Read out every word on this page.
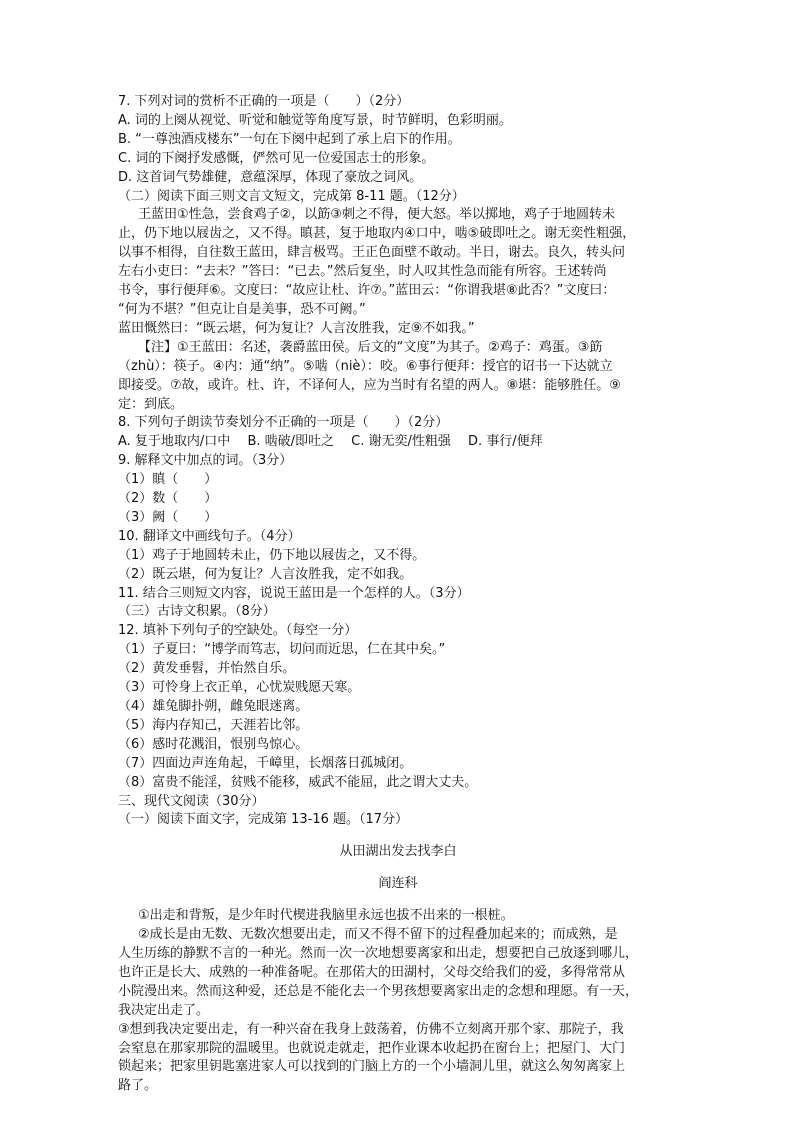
7. 下列对词的赏析不正确的一项是（　　）（2分）

A. 词的上阕从视觉、听觉和触觉等角度写景，时节鲜明，色彩明丽。

B. “一尊浊酒戍楼东”一句在下阕中起到了承上启下的作用。

C. 词的下阕抒发感慨，俨然可见一位爱国志士的形象。

D. 这首词气势雄健，意蕴深厚，体现了豪放之词风。

（二）阅读下面三则文言文短文，完成第 8-11 题。（12分）

王蓝田①性急，尝食鸡子②，以筯③刺之不得，便大怒。举以掷地，鸡子于地圆转未

止，仍下地以屐齿之，又不得。瞋甚，复于地取内④口中，啮⑤破即吐之。谢无奕性粗强，

以事不相得，自往数王蓝田，肆言极骂。王正色面壁不敢动。半日，谢去。良久，转头问

左右小吏曰：“去未？”答曰：“已去。”然后复坐，时人叹其性急而能有所容。王述转尚

书令，事行便拜⑥。文度曰：“故应让杜、许⑦。”蓝田云：“你谓我堪⑧此否？”文度曰：

“何为不堪？”但克让自是美事，恐不可阙。”

蓝田慨然曰：“既云堪，何为复让？人言汝胜我，定⑨不如我。”

【注】①王蓝田：名述，袭爵蓝田侯。后文的“文度”为其子。②鸡子：鸡蛋。③筯

（zhù）：筷子。④内：通“纳”。⑤啮（niè）：咬。⑥事行便拜：授官的诏书一下达就立

即接受。⑦故，或许。杜、许，不译何人，应为当时有名望的两人。⑧堪：能够胜任。⑨

定：到底。

8. 下列句子朗读节奏划分不正确的一项是（　　）（2分）

A. 复于地取内/口中　 B. 啮破/即吐之　 C. 谢无奕/性粗强　 D. 事行/便拜

9. 解释文中加点的词。（3分）

（1）瞋（　　）

（2）数（　　）

（3）阙（　　）

10. 翻译文中画线句子。（4分）

（1）鸡子于地圆转未止，仍下地以屐齿之，又不得。

（2）既云堪，何为复让？人言汝胜我，定不如我。

11. 结合三则短文内容，说说王蓝田是一个怎样的人。（3分）

（三）古诗文积累。（8分）

12. 填补下列句子的空缺处。（每空一分）

（1）子夏曰：“博学而笃志，切问而近思，仁在其中矣。”

（2）黄发垂髫，并怡然自乐。

（3）可怜身上衣正单，心忧炭贱愿天寒。

（4）雄兔脚扑朔，雌兔眼迷离。

（5）海内存知己，天涯若比邻。

（6）感时花溅泪，恨别鸟惊心。

（7）四面边声连角起，千嶂里，长烟落日孤城闭。

（8）富贵不能淫，贫贱不能移，威武不能屈，此之谓大丈夫。

三、现代文阅读（30分）

（一）阅读下面文字，完成第 13-16 题。（17分）

从田湖出发去找李白

阎连科

①出走和背叛，是少年时代楔进我脑里永远也拔不出来的一根桩。

②成长是由无数、无数次想要出走，而又不得不留下的过程叠加起来的；而成熟，是

人生历练的静默不言的一种光。然而一次一次地想要离家和出走，想要把自己放逐到哪儿，

也许正是长大、成熟的一种准备呢。在那偌大的田湖村，父母交给我们的爱，多得常常从

小院漫出来。然而这种爱，还总是不能化去一个男孩想要离家出走的念想和理愿。有一天，

我决定出走了。

③想到我决定要出走，有一种兴奋在我身上鼓荡着，仿佛不立刻离开那个家、那院子，我

会窒息在那家那院的温暖里。也就说走就走，把作业课本收起扔在窗台上；把屋门、大门

锁起来；把家里钥匙塞进家人可以找到的门脑上方的一个小墙洞儿里，就这么匆匆离家上

路了。
